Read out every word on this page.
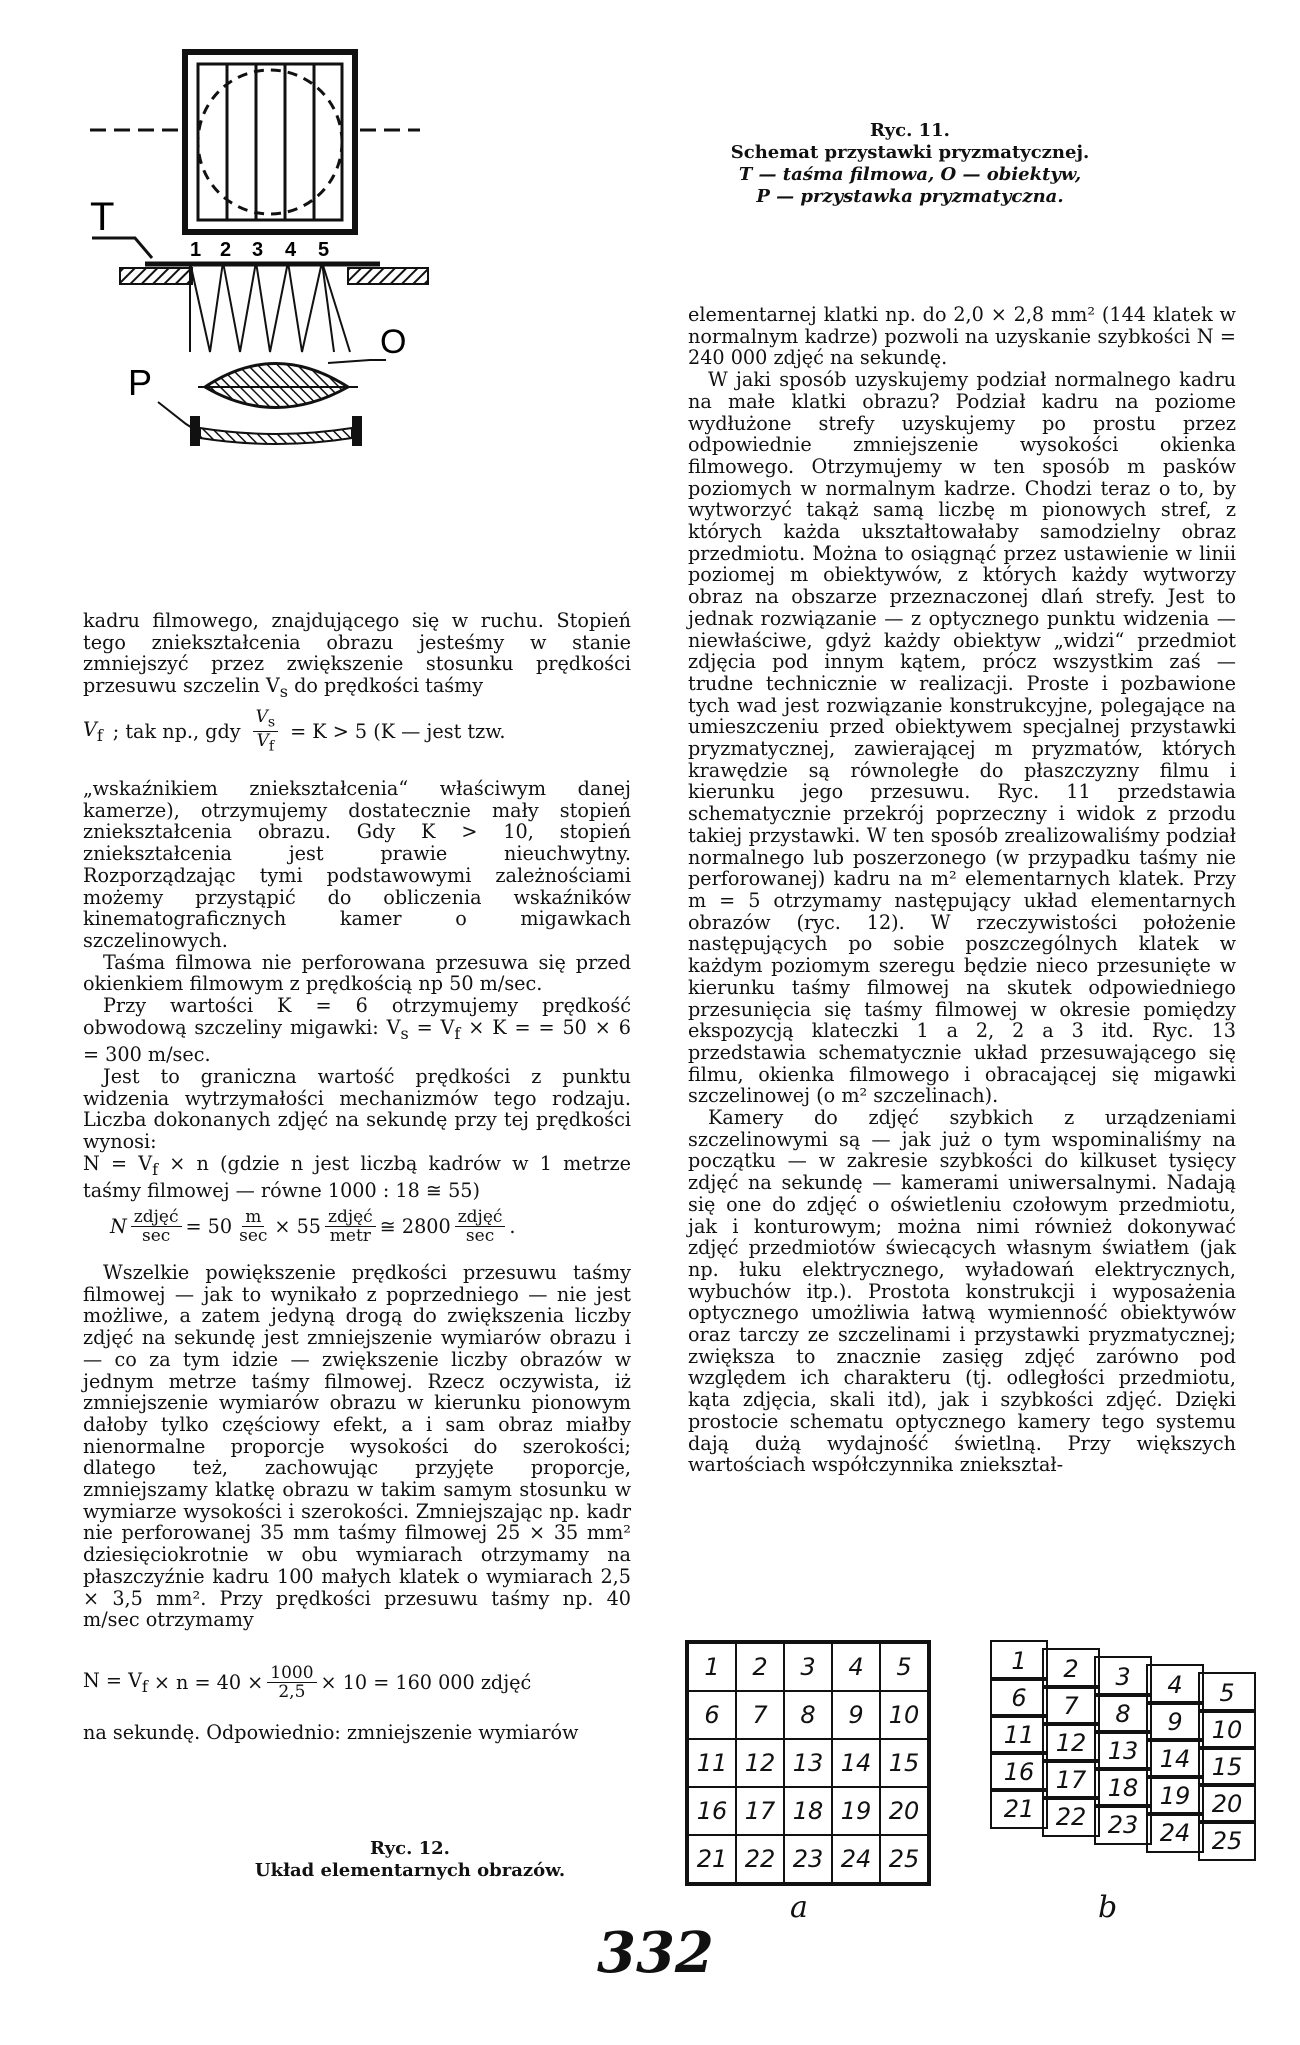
T
1 2 3 4 5
O
P
Ryc. 11.
Schemat przystawki pryzmatycznej.
T — taśma filmowa, O — obiektyw,
P — przystawka pryzmatyczna.

kadru filmowego, znajdującego się w ruchu. Stopień tego zniekształcenia obrazu jesteśmy w stanie zmniejszyć przez zwiększenie stosunku prędkości przesuwu szczelin $V_s$ do prędkości taśmy

$V_f$ ; tak np., gdy $\frac{V_s}{V_f} = K > 5$ (K — jest tzw.

„wskaźnikiem zniekształcenia“ właściwym danej kamerze), otrzymujemy dostatecznie mały stopień zniekształcenia obrazu. Gdy K > 10, stopień zniekształcenia jest prawie nieuchwytny. Rozporządzając tymi podstawowymi zależnościami możemy przystąpić do obliczenia wskaźników kinematograficznych kamer o migawkach szczelinowych.

Taśma filmowa nie perforowana przesuwa się przed okienkiem filmowym z prędkością np 50 m/sec.

Przy wartości K = 6 otrzymujemy prędkość obwodową szczeliny migawki: $V_s = V_f \times K$ = = 50 × 6 = 300 m/sec.

Jest to graniczna wartość prędkości z punktu widzenia wytrzymałości mechanizmów tego rodzaju. Liczba dokonanych zdjęć na sekundę przy tej prędkości wynosi:

$N = V_f \times n$ (gdzie n jest liczbą kadrów w 1 metrze taśmy filmowej — równe 1000 : 18 ≅ 55)

N $\frac{\text{zdjęć}}{\sec} = 50 \frac{m}{\sec} \times 55 \frac{\text{zdjęć}}{\text{metr}}$ ≅ $2800 \frac{\text{zdjęć}}{\sec}$ .

Wszelkie powiększenie prędkości przesuwu taśmy filmowej — jak to wynikało z poprzedniego — nie jest możliwe, a zatem jedyną drogą do zwiększenia liczby zdjęć na sekundę jest zmniejszenie wymiarów obrazu i — co za tym idzie — zwiększenie liczby obrazów w jednym metrze taśmy filmowej. Rzecz oczywista, iż zmniejszenie wymiarów obrazu w kierunku pionowym dałoby tylko częściowy efekt, a i sam obraz miałby nienormalne proporcje wysokości do szerokości; dlatego też, zachowując przyjęte proporcje, zmniejszamy klatkę obrazu w takim samym stosunku w wymiarze wysokości i szerokości. Zmniejszając np. kadr nie perforowanej 35 mm taśmy filmowej 25 × 35 mm² dziesięciokrotnie w obu wymiarach otrzymamy na płaszczyźnie kadru 100 małych klatek o wymiarach 2,5 × 3,5 mm². Przy prędkości przesuwu taśmy np. 40 m/sec otrzymamy

$N = V_f \times n = 40 \times \frac{1000}{2,5} \times 10 = 160$ 000 zdjęć

na sekundę. Odpowiednio: zmniejszenie wymiarów

elementarnej klatki np. do 2,0 × 2,8 mm² (144 klatek w normalnym kadrze) pozwoli na uzyskanie szybkości N = 240 000 zdjęć na sekundę.

W jaki sposób uzyskujemy podział normalnego kadru na małe klatki obrazu? Podział kadru na poziome wydłużone strefy uzyskujemy po prostu przez odpowiednie zmniejszenie wysokości okienka filmowego. Otrzymujemy w ten sposób m pasków poziomych w normalnym kadrze. Chodzi teraz o to, by wytworzyć takąż samą liczbę m pionowych stref, z których każda ukształtowałaby samodzielny obraz przedmiotu. Można to osiągnąć przez ustawienie w linii poziomej m obiektywów, z których każdy wytworzy obraz na obszarze przeznaczonej dlań strefy. Jest to jednak rozwiązanie — z optycznego punktu widzenia — niewłaściwe, gdyż każdy obiektyw „widzi“ przedmiot zdjęcia pod innym kątem, prócz wszystkim zaś — trudne technicznie w realizacji. Proste i pozbawione tych wad jest rozwiązanie konstrukcyjne, polegające na umieszczeniu przed obiektywem specjalnej przystawki pryzmatycznej, zawierającej m pryzmatów, których krawędzie są równoległe do płaszczyzny filmu i kierunku jego przesuwu. Ryc. 11 przedstawia schematycznie przekrój poprzeczny i widok z przodu takiej przystawki. W ten sposób zrealizowaliśmy podział normalnego lub poszerzonego (w przypadku taśmy nie perforowanej) kadru na m² elementarnych klatek. Przy m = 5 otrzymamy następujący układ elementarnych obrazów (ryc. 12). W rzeczywistości położenie następujących po sobie poszczególnych klatek w każdym poziomym szeregu będzie nieco przesunięte w kierunku taśmy filmowej na skutek odpowiedniego przesunięcia się taśmy filmowej w okresie pomiędzy ekspozycją klateczki 1 a 2, 2 a 3 itd. Ryc. 13 przedstawia schematycznie układ przesuwającego się filmu, okienka filmowego i obracającej się migawki szczelinowej (o m² szczelinach).

Kamery do zdjęć szybkich z urządzeniami szczelinowymi są — jak już o tym wspominaliśmy na początku — w zakresie szybkości do kilkuset tysięcy zdjęć na sekundę — kamerami uniwersalnymi. Nadają się one do zdjęć o oświetleniu czołowym przedmiotu, jak i konturowym; można nimi również dokonywać zdjęć przedmiotów świecących własnym światłem (jak np. łuku elektrycznego, wyładowań elektrycznych, wybuchów itp.). Prostota konstrukcji i wyposażenia optycznego umożliwia łatwą wymienność obiektywów oraz tarczy ze szczelinami i przystawki pryzmatycznej; zwiększa to znacznie zasięg zdjęć zarówno pod względem ich charakteru (tj. odległości przedmiotu, kąta zdjęcia, skali itd), jak i szybkości zdjęć. Dzięki prostocie schematu optycznego kamery tego systemu dają dużą wydajność świetlną. Przy większych wartościach współczynnika zniekształ-

1	2	3	4	5
6	7	8	9	10
11 12 13 14 15
16 17 18 19 20
21 22 23 24 25
a
1	2	3	4	5
6	7	8	9	10
11 12 13 14 15
16 17 18 19 20
21 22 23 24 25
b
Ryc. 12.
Układ elementarnych obrazów.
332
